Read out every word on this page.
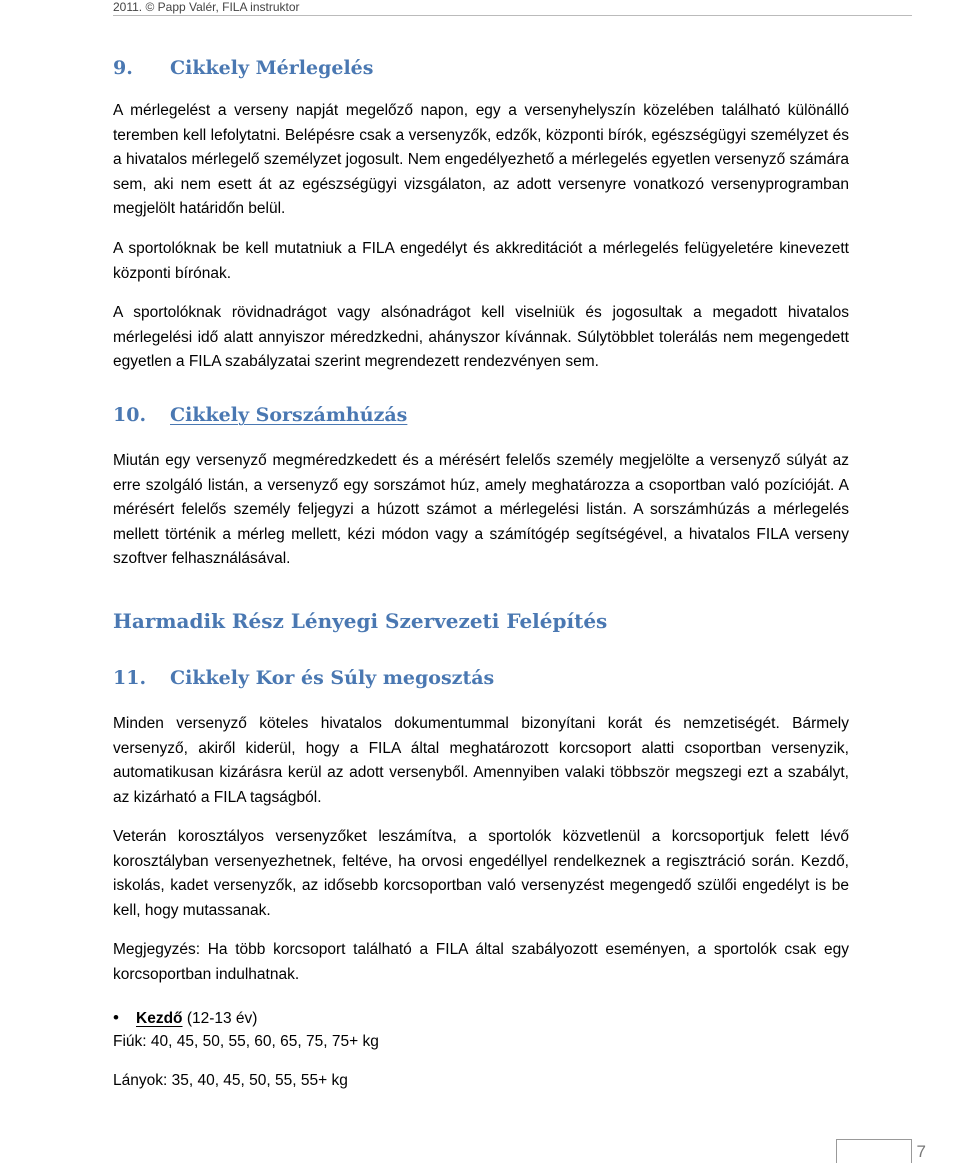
2011. © Papp Valér, FILA instruktor
9. Cikkely Mérlegelés

A mérlegelést a verseny napját megelőző napon, egy a versenyhelyszín közelében található különálló teremben kell lefolytatni. Belépésre csak a versenyzők, edzők, központi bírók, egészségügyi személyzet és a hivatalos mérlegelő személyzet jogosult. Nem engedélyezhető a mérlegelés egyetlen versenyző számára sem, aki nem esett át az egészségügyi vizsgálaton, az adott versenyre vonatkozó versenyprogramban megjelölt határidőn belül.

A sportolóknak be kell mutatniuk a FILA engedélyt és akkreditációt a mérlegelés felügyeletére kinevezett központi bírónak.

A sportolóknak rövidnadrágot vagy alsónadrágot kell viselniük és jogosultak a megadott hivatalos mérlegelési idő alatt annyiszor méredzkedni, ahányszor kívánnak. Súlytöbblet tolerálás nem megengedett egyetlen a FILA szabályzatai szerint megrendezett rendezvényen sem.

10. Cikkely Sorszámhúzás

Miután egy versenyző megméredzkedett és a mérésért felelős személy megjelölte a versenyző súlyát az erre szolgáló listán, a versenyző egy sorszámot húz, amely meghatározza a csoportban való pozícióját. A mérésért felelős személy feljegyzi a húzott számot a mérlegelési listán. A sorszámhúzás a mérlegelés mellett történik a mérleg mellett, kézi módon vagy a számítógép segítségével, a hivatalos FILA verseny szoftver felhasználásával.

Harmadik Rész Lényegi Szervezeti Felépítés
11. Cikkely Kor és Súly megosztás

Minden versenyző köteles hivatalos dokumentummal bizonyítani korát és nemzetiségét. Bármely versenyző, akiről kiderül, hogy a FILA által meghatározott korcsoport alatti csoportban versenyzik, automatikusan kizárásra kerül az adott versenyből. Amennyiben valaki többször megszegi ezt a szabályt, az kizárható a FILA tagságból.

Veterán korosztályos versenyzőket leszámítva, a sportolók közvetlenül a korcsoportjuk felett lévő korosztályban versenyezhetnek, feltéve, ha orvosi engedéllyel rendelkeznek a regisztráció során. Kezdő, iskolás, kadet versenyzők, az idősebb korcsoportban való versenyzést megengedő szülői engedélyt is be kell, hogy mutassanak.

Megjegyzés: Ha több korcsoport található a FILA által szabályozott eseményen, a sportolók csak egy korcsoportban indulhatnak.

• Kezdő (12-13 év)

Fiúk: 40, 45, 50, 55, 60, 65, 75, 75+ kg

Lányok: 35, 40, 45, 50, 55, 55+ kg

7
